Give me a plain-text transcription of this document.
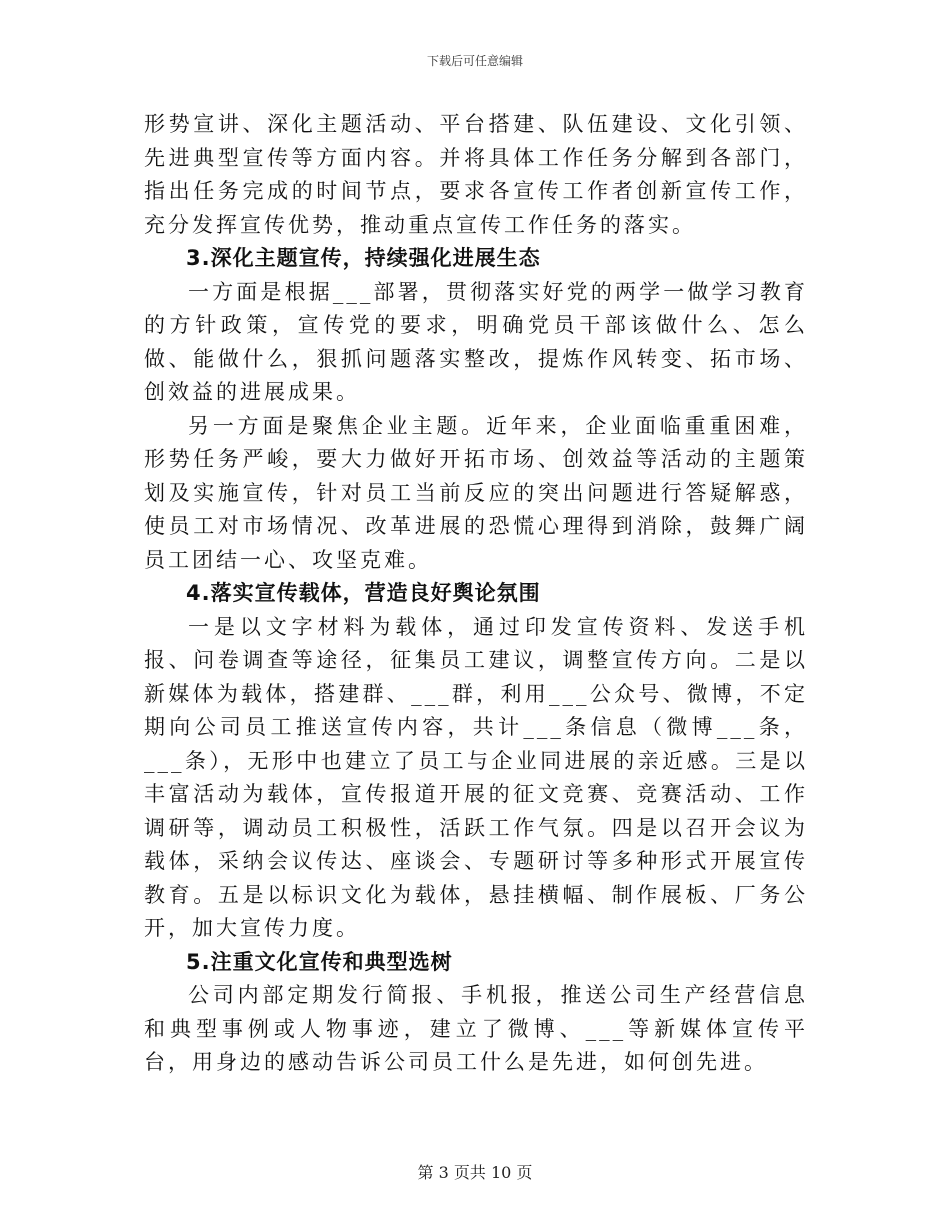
下载后可任意编辑

形势宣讲、深化主题活动、平台搭建、队伍建设、文化引领、先进典型宣传等方面内容。并将具体工作任务分解到各部门，指出任务完成的时间节点，要求各宣传工作者创新宣传工作，充分发挥宣传优势，推动重点宣传工作任务的落实。

3.深化主题宣传，持续强化进展生态

一方面是根据___部署，贯彻落实好党的两学一做学习教育的方针政策，宣传党的要求，明确党员干部该做什么、怎么做、能做什么，狠抓问题落实整改，提炼作风转变、拓市场、创效益的进展成果。

另一方面是聚焦企业主题。近年来，企业面临重重困难，形势任务严峻，要大力做好开拓市场、创效益等活动的主题策划及实施宣传，针对员工当前反应的突出问题进行答疑解惑，使员工对市场情况、改革进展的恐慌心理得到消除，鼓舞广阔员工团结一心、攻坚克难。

4.落实宣传载体，营造良好舆论氛围

一是以文字材料为载体，通过印发宣传资料、发送手机报、问卷调查等途径，征集员工建议，调整宣传方向。二是以新媒体为载体，搭建群、___群，利用___公众号、微博，不定期向公司员工推送宣传内容，共计___条信息（微博___条，___条），无形中也建立了员工与企业同进展的亲近感。三是以丰富活动为载体，宣传报道开展的征文竞赛、竞赛活动、工作调研等，调动员工积极性，活跃工作气氛。四是以召开会议为载体，采纳会议传达、座谈会、专题研讨等多种形式开展宣传教育。五是以标识文化为载体，悬挂横幅、制作展板、厂务公开，加大宣传力度。

5.注重文化宣传和典型选树

公司内部定期发行简报、手机报，推送公司生产经营信息和典型事例或人物事迹，建立了微博、___等新媒体宣传平台，用身边的感动告诉公司员工什么是先进，如何创先进。

第 3 页共 10 页
